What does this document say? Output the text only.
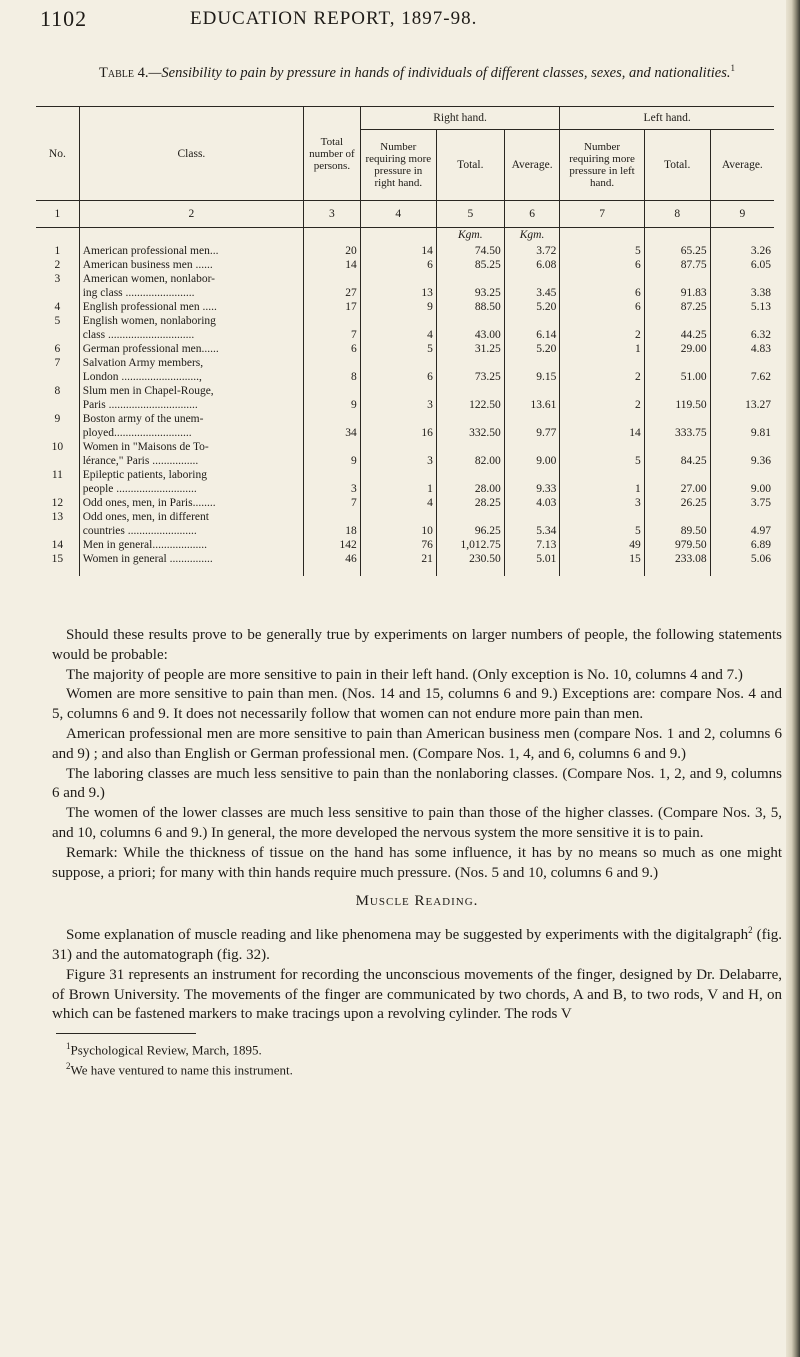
1102	EDUCATION REPORT, 1897-98.
Table 4.—Sensibility to pain by pressure in hands of individuals of different classes, sexes, and nationalities.$^1$
No.	Class.	Total number of persons.	Right hand.			Left hand.		
			Number requiring more pressure in right hand.	Total.	Average.	Number requiring more pressure in left hand.	Total.	Average.
1	2	3	4	5	6	7	8	9
				Kgm.	Kgm.			
1	American professional men...	20	14	74.50	3.72	5	65.25	3.26
2	American business men ......	14	6	85.25	6.08	6	87.75	6.05
3	American women, nonlabor-							
	ing class ........................	27	13	93.25	3.45	6	91.83	3.38
4	English professional men .....	17	9	88.50	5.20	6	87.25	5.13
5	English women, nonlaboring							
	class ..............................	7	4	43.00	6.14	2	44.25	6.32
6	German professional men......	6	5	31.25	5.20	1	29.00	4.83
7	Salvation Army members,							
	London ...........................,	8	6	73.25	9.15	2	51.00	7.62
8	Slum men in Chapel-Rouge,							
	Paris ...............................	9	3	122.50	13.61	2	119.50	13.27
9	Boston army of the unem-							
	ployed...........................	34	16	332.50	9.77	14	333.75	9.81
10	Women in "Maisons de To-							
	lérance," Paris ................	9	3	82.00	9.00	5	84.25	9.36
11	Epileptic patients, laboring							
	people ............................	3	1	28.00	9.33	1	27.00	9.00
12	Odd ones, men, in Paris........	7	4	28.25	4.03	3	26.25	3.75
13	Odd ones, men, in different							
	countries ........................	18	10	96.25	5.34	5	89.50	4.97
14	Men in general...................	142	76	1,012.75	7.13	49	979.50	6.89
15	Women in general ...............	46	21	230.50	5.01	15	233.08	5.06

Should these results prove to be generally true by experiments on larger numbers of people, the following statements would be probable:

The majority of people are more sensitive to pain in their left hand. (Only exception is No. 10, columns 4 and 7.)

Women are more sensitive to pain than men. (Nos. 14 and 15, columns 6 and 9.) Exceptions are: compare Nos. 4 and 5, columns 6 and 9. It does not necessarily follow that women can not endure more pain than men.

American professional men are more sensitive to pain than American business men (compare Nos. 1 and 2, columns 6 and 9) ; and also than English or German professional men. (Compare Nos. 1, 4, and 6, columns 6 and 9.)

The laboring classes are much less sensitive to pain than the nonlaboring classes. (Compare Nos. 1, 2, and 9, columns 6 and 9.)

The women of the lower classes are much less sensitive to pain than those of the higher classes. (Compare Nos. 3, 5, and 10, columns 6 and 9.) In general, the more developed the nervous system the more sensitive it is to pain.

Remark: While the thickness of tissue on the hand has some influence, it has by no means so much as one might suppose, a priori; for many with thin hands require much pressure. (Nos. 5 and 10, columns 6 and 9.)

Muscle Reading.

Some explanation of muscle reading and like phenomena may be suggested by experiments with the digitalgraph$^2$ (fig. 31) and the automatograph (fig. 32).

Figure 31 represents an instrument for recording the unconscious movements of the finger, designed by Dr. Delabarre, of Brown University. The movements of the finger are communicated by two chords, A and B, to two rods, V and H, on which can be fastened markers to make tracings upon a revolving cylinder. The rods V

$^1$Psychological Review, March, 1895.

$^2$We have ventured to name this instrument.
